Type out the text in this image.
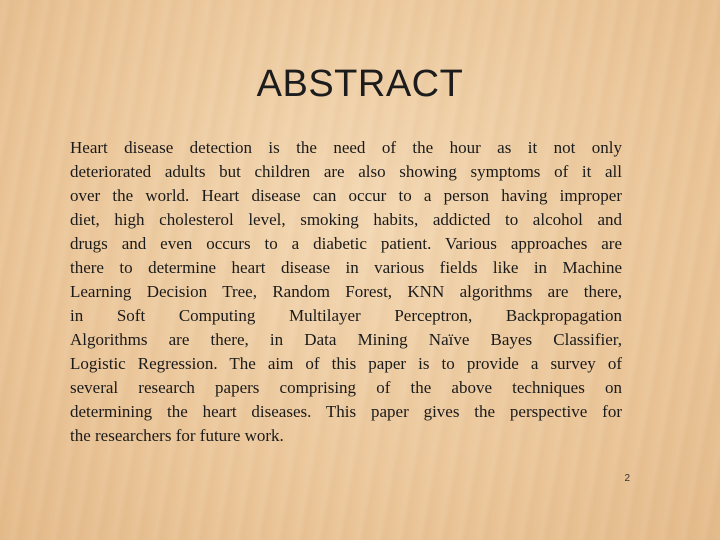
ABSTRACT
Heart disease detection is the need of the hour as it not only
deteriorated adults but children are also showing symptoms of it all
over the world. Heart disease can occur to a person having improper
diet, high cholesterol level, smoking habits, addicted to alcohol and
drugs and even occurs to a diabetic patient. Various approaches are
there to determine heart disease in various fields like in Machine
Learning Decision Tree, Random Forest, KNN algorithms are there,
in Soft Computing Multilayer Perceptron, Backpropagation
Algorithms are there, in Data Mining Naïve Bayes Classifier,
Logistic Regression. The aim of this paper is to provide a survey of
several research papers comprising of the above techniques on
determining the heart diseases. This paper gives the perspective for
the researchers for future work.
2
